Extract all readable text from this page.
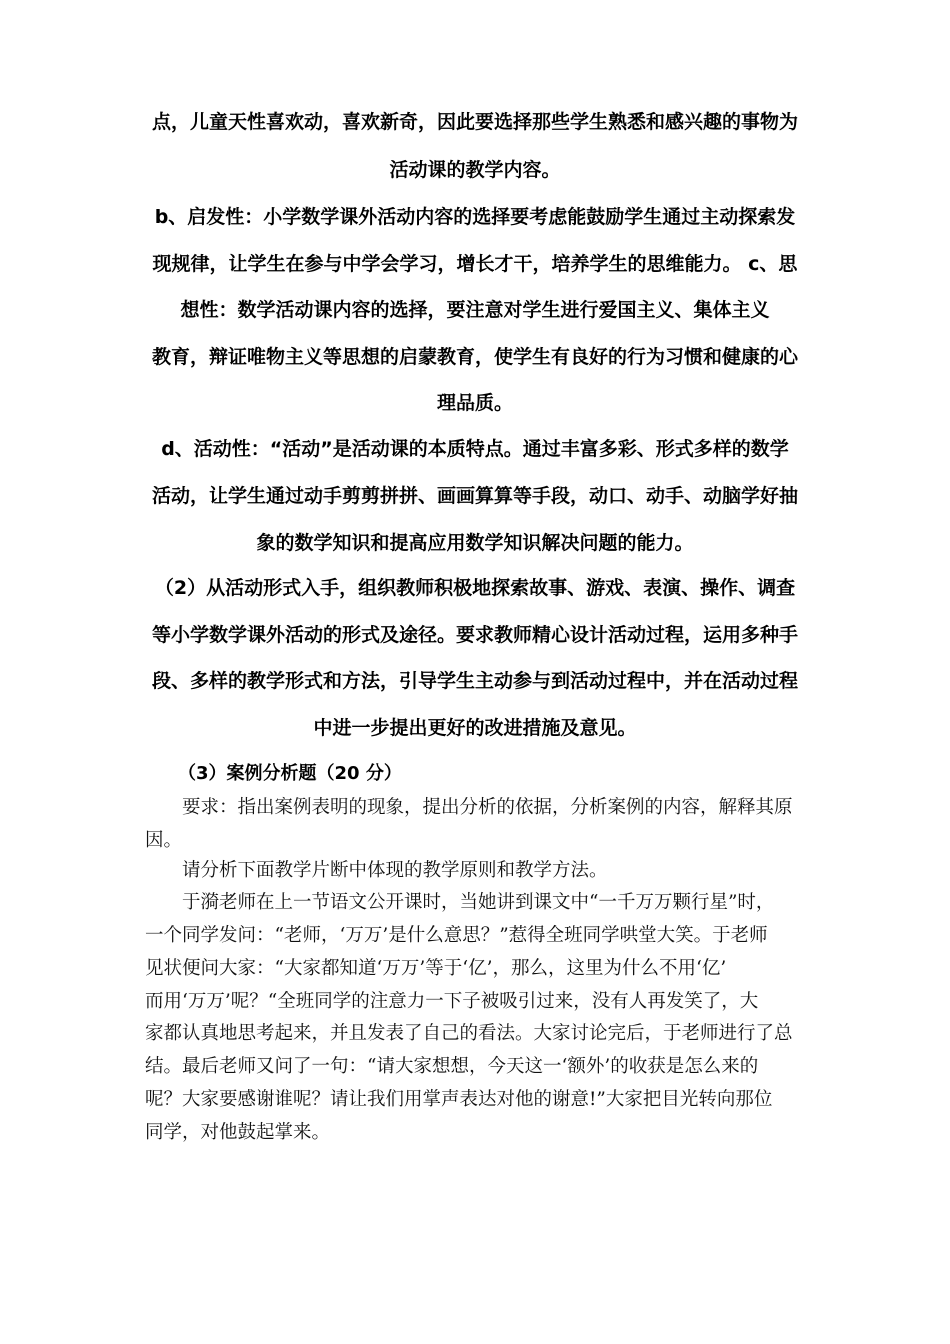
点，儿童天性喜欢动，喜欢新奇，因此要选择那些学生熟悉和感兴趣的事物为
活动课的教学内容。
b、启发性：小学数学课外活动内容的选择要考虑能鼓励学生通过主动探索发
现规律，让学生在参与中学会学习，增长才干，培养学生的思维能力。 c、思
想性：数学活动课内容的选择，要注意对学生进行爱国主义、集体主义
教育，辩证唯物主义等思想的启蒙教育，使学生有良好的行为习惯和健康的心
理品质。
d、活动性：“活动”是活动课的本质特点。通过丰富多彩、形式多样的数学
活动，让学生通过动手剪剪拼拼、画画算算等手段，动口、动手、动脑学好抽
象的数学知识和提高应用数学知识解决问题的能力。
（2）从活动形式入手，组织教师积极地探索故事、游戏、表演、操作、调查
等小学数学课外活动的形式及途径。要求教师精心设计活动过程，运用多种手
段、多样的教学形式和方法，引导学生主动参与到活动过程中，并在活动过程
中进一步提出更好的改进措施及意见。
（3）案例分析题（20 分）
要求：指出案例表明的现象，提出分析的依据，分析案例的内容，解释其原
因。
请分析下面教学片断中体现的教学原则和教学方法。
于漪老师在上一节语文公开课时，当她讲到课文中“一千万万颗行星”时，
一个同学发问：“老师，‘万万’是什么意思？”惹得全班同学哄堂大笑。于老师
见状便问大家：“大家都知道‘万万’等于‘亿’，那么，这里为什么不用‘亿’
而用‘万万’呢？“全班同学的注意力一下子被吸引过来，没有人再发笑了，大
家都认真地思考起来，并且发表了自己的看法。大家讨论完后，于老师进行了总
结。最后老师又问了一句：“请大家想想，今天这一‘额外’的收获是怎么来的
呢？大家要感谢谁呢？请让我们用掌声表达对他的谢意!”大家把目光转向那位
同学，对他鼓起掌来。
